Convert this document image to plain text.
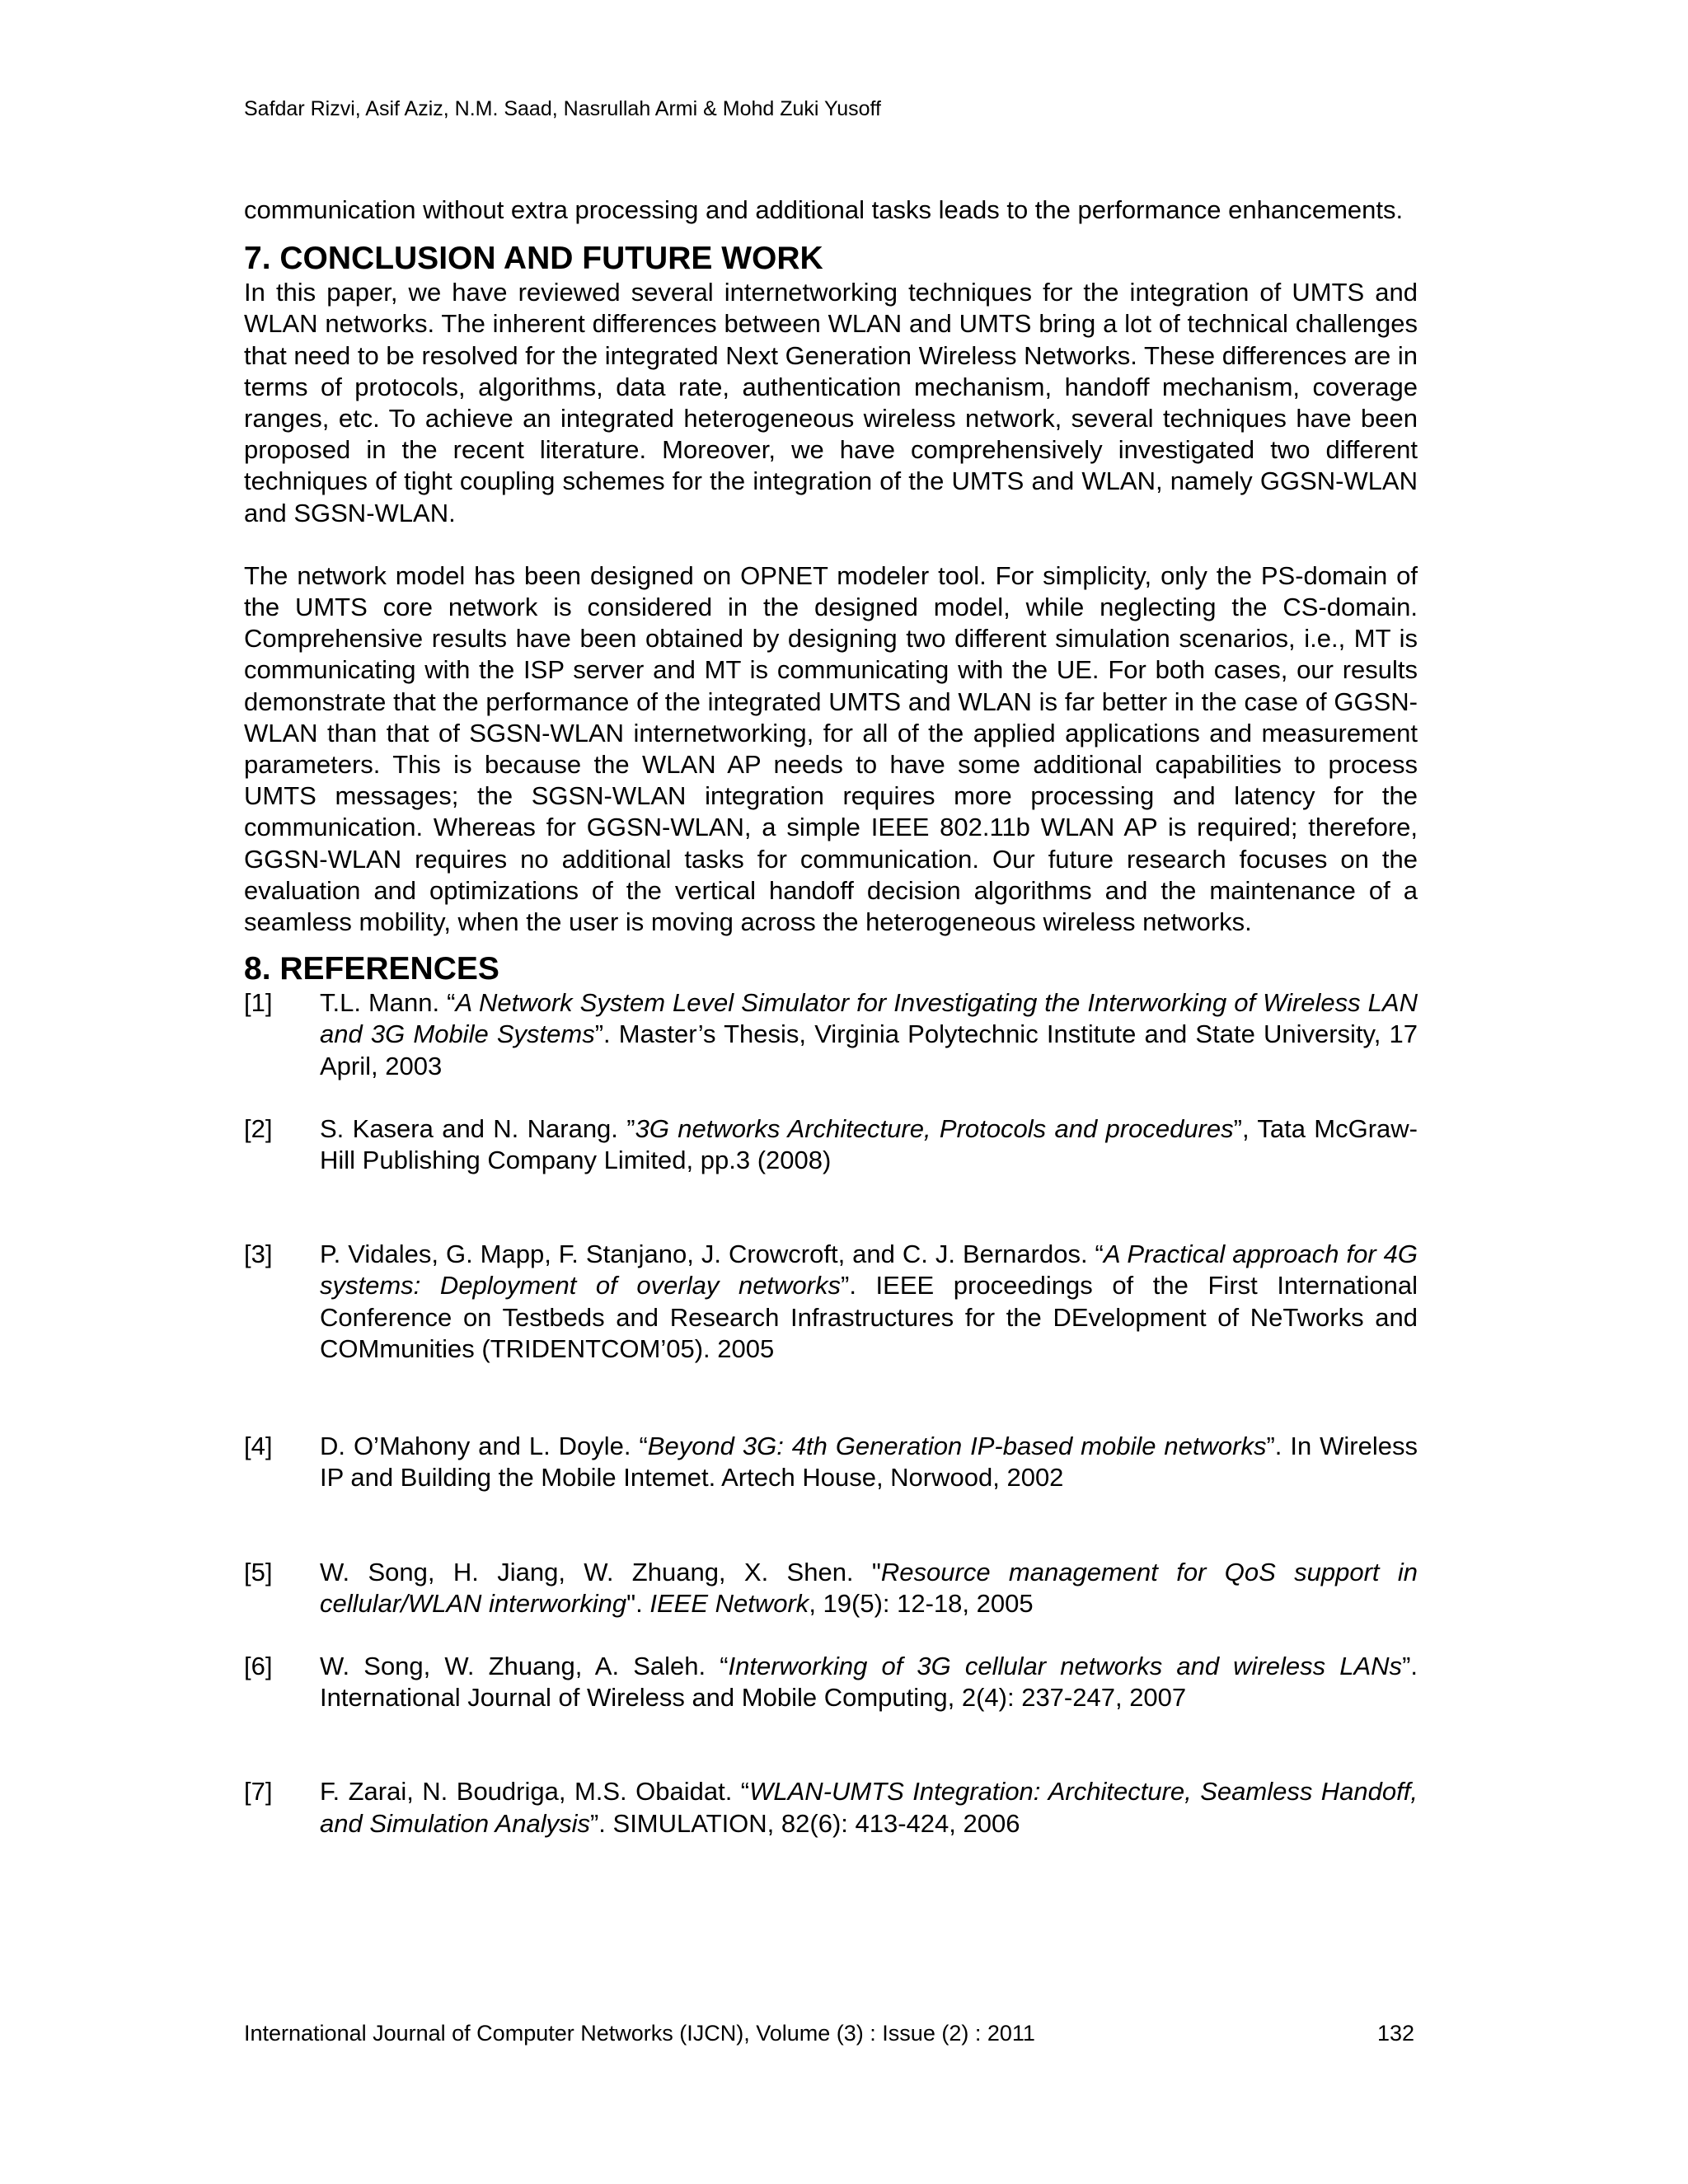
Safdar Rizvi, Asif Aziz, N.M. Saad, Nasrullah Armi & Mohd Zuki Yusoff

communication without extra processing and additional tasks leads to the performance enhancements.

7. CONCLUSION AND FUTURE WORK

In this paper, we have reviewed several internetworking techniques for the integration of UMTS and WLAN networks. The inherent differences between WLAN and UMTS bring a lot of technical challenges that need to be resolved for the integrated Next Generation Wireless Networks. These differences are in terms of protocols, algorithms, data rate, authentication mechanism, handoff mechanism, coverage ranges, etc. To achieve an integrated heterogeneous wireless network, several techniques have been proposed in the recent literature. Moreover, we have comprehensively investigated two different techniques of tight coupling schemes for the integration of the UMTS and WLAN, namely GGSN-WLAN and SGSN-WLAN.

The network model has been designed on OPNET modeler tool. For simplicity, only the PS-domain of the UMTS core network is considered in the designed model, while neglecting the CS-domain. Comprehensive results have been obtained by designing two different simulation scenarios, i.e., MT is communicating with the ISP server and MT is communicating with the UE. For both cases, our results demonstrate that the performance of the integrated UMTS and WLAN is far better in the case of GGSN-WLAN than that of SGSN-WLAN internetworking, for all of the applied applications and measurement parameters. This is because the WLAN AP needs to have some additional capabilities to process UMTS messages; the SGSN-WLAN integration requires more processing and latency for the communication. Whereas for GGSN-WLAN, a simple IEEE 802.11b WLAN AP is required; therefore, GGSN-WLAN requires no additional tasks for communication. Our future research focuses on the evaluation and optimizations of the vertical handoff decision algorithms and the maintenance of a seamless mobility, when the user is moving across the heterogeneous wireless networks.

8. REFERENCES

[1] T.L. Mann. “A Network System Level Simulator for Investigating the Interworking of Wireless LAN and 3G Mobile Systems”. Master’s Thesis, Virginia Polytechnic Institute and State University, 17 April, 2003

[2] S. Kasera and N. Narang. ”3G networks Architecture, Protocols and procedures”, Tata McGraw-Hill Publishing Company Limited, pp.3 (2008)

[3] P. Vidales, G. Mapp, F. Stanjano, J. Crowcroft, and C. J. Bernardos. “A Practical approach for 4G systems: Deployment of overlay networks”. IEEE proceedings of the First International Conference on Testbeds and Research Infrastructures for the DEvelopment of NeTworks and COMmunities (TRIDENTCOM’05). 2005

[4] D. O’Mahony and L. Doyle. “Beyond 3G: 4th Generation IP-based mobile networks”. In Wireless IP and Building the Mobile Intemet. Artech House, Norwood, 2002

[5] W. Song, H. Jiang, W. Zhuang, X. Shen. "Resource management for QoS support in cellular/WLAN interworking". IEEE Network, 19(5): 12-18, 2005

[6] W. Song, W. Zhuang, A. Saleh. “Interworking of 3G cellular networks and wireless LANs”. International Journal of Wireless and Mobile Computing, 2(4): 237-247, 2007

[7] F. Zarai, N. Boudriga, M.S. Obaidat. “WLAN-UMTS Integration: Architecture, Seamless Handoff, and Simulation Analysis”. SIMULATION, 82(6): 413-424, 2006

International Journal of Computer Networks (IJCN), Volume (3) : Issue (2) : 2011	132
